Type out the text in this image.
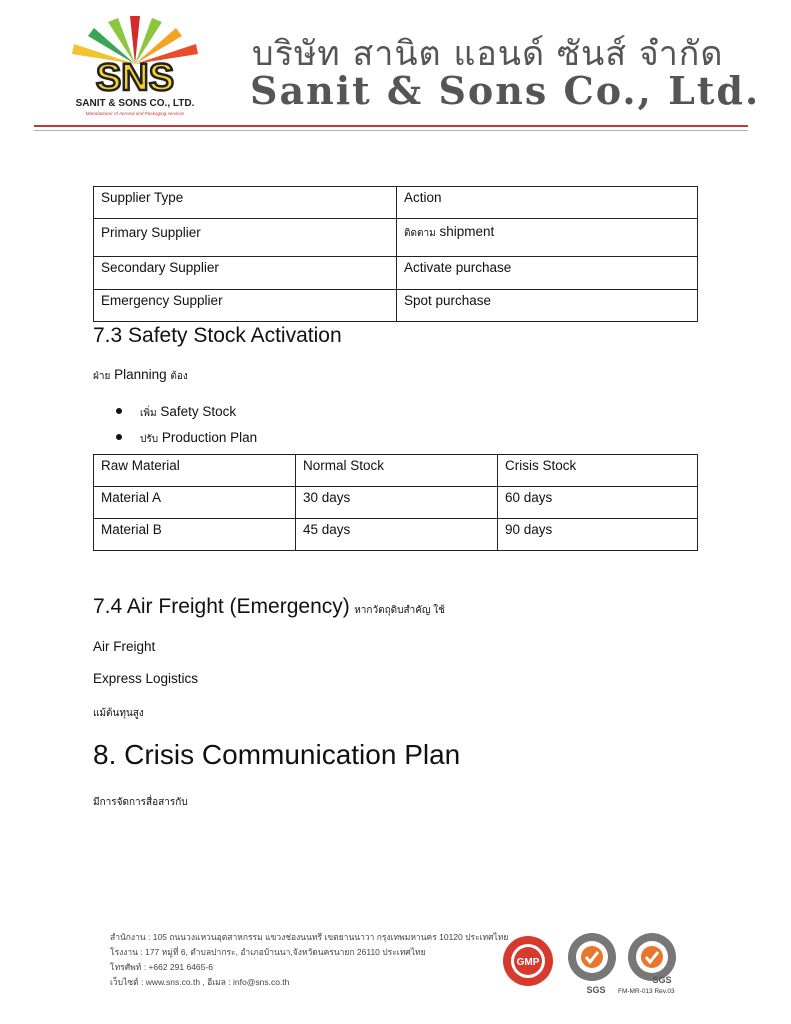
SNS
SANIT & SONS CO., LTD.
Manufacturer of Aerosol and Packaging services
บริษัท สานิต แอนด์ ซันส์ จำกัด
Sanit & Sons Co., Ltd.
Supplier Type	Action
Primary Supplier	ติดตาม shipment
Secondary Supplier	Activate purchase
Emergency Supplier	Spot purchase
7.3 Safety Stock Activation
ฝ่าย Planning ต้อง
เพิ่ม Safety Stock
ปรับ Production Plan
Raw Material	Normal Stock	Crisis Stock
Material A	30 days	60 days
Material B	45 days	90 days
7.4 Air Freight (Emergency) หากวัตถุดิบสำคัญ ใช้
Air Freight
Express Logistics
แม้ต้นทุนสูง
8. Crisis Communication Plan
มีการจัดการสื่อสารกับ
สำนักงาน : 105 ถนนวงแหวนอุตสาหกรรม แขวงช่องนนทรี เขตยานนาวา กรุงเทพมหานคร 10120 ประเทศไทย
โรงงาน : 177 หมู่ที่ 6, ตำบลปากระ, อำเภอบ้านนา,จังหวัดนครนายก 26110 ประเทศไทย
โทรศัพท์ : +662 291 6465-6
เว็บไซต์ : www.sns.co.th , อีเมล : info@sns.co.th
GMP
SGS
SGS
FM-MR-013 Rev.03
